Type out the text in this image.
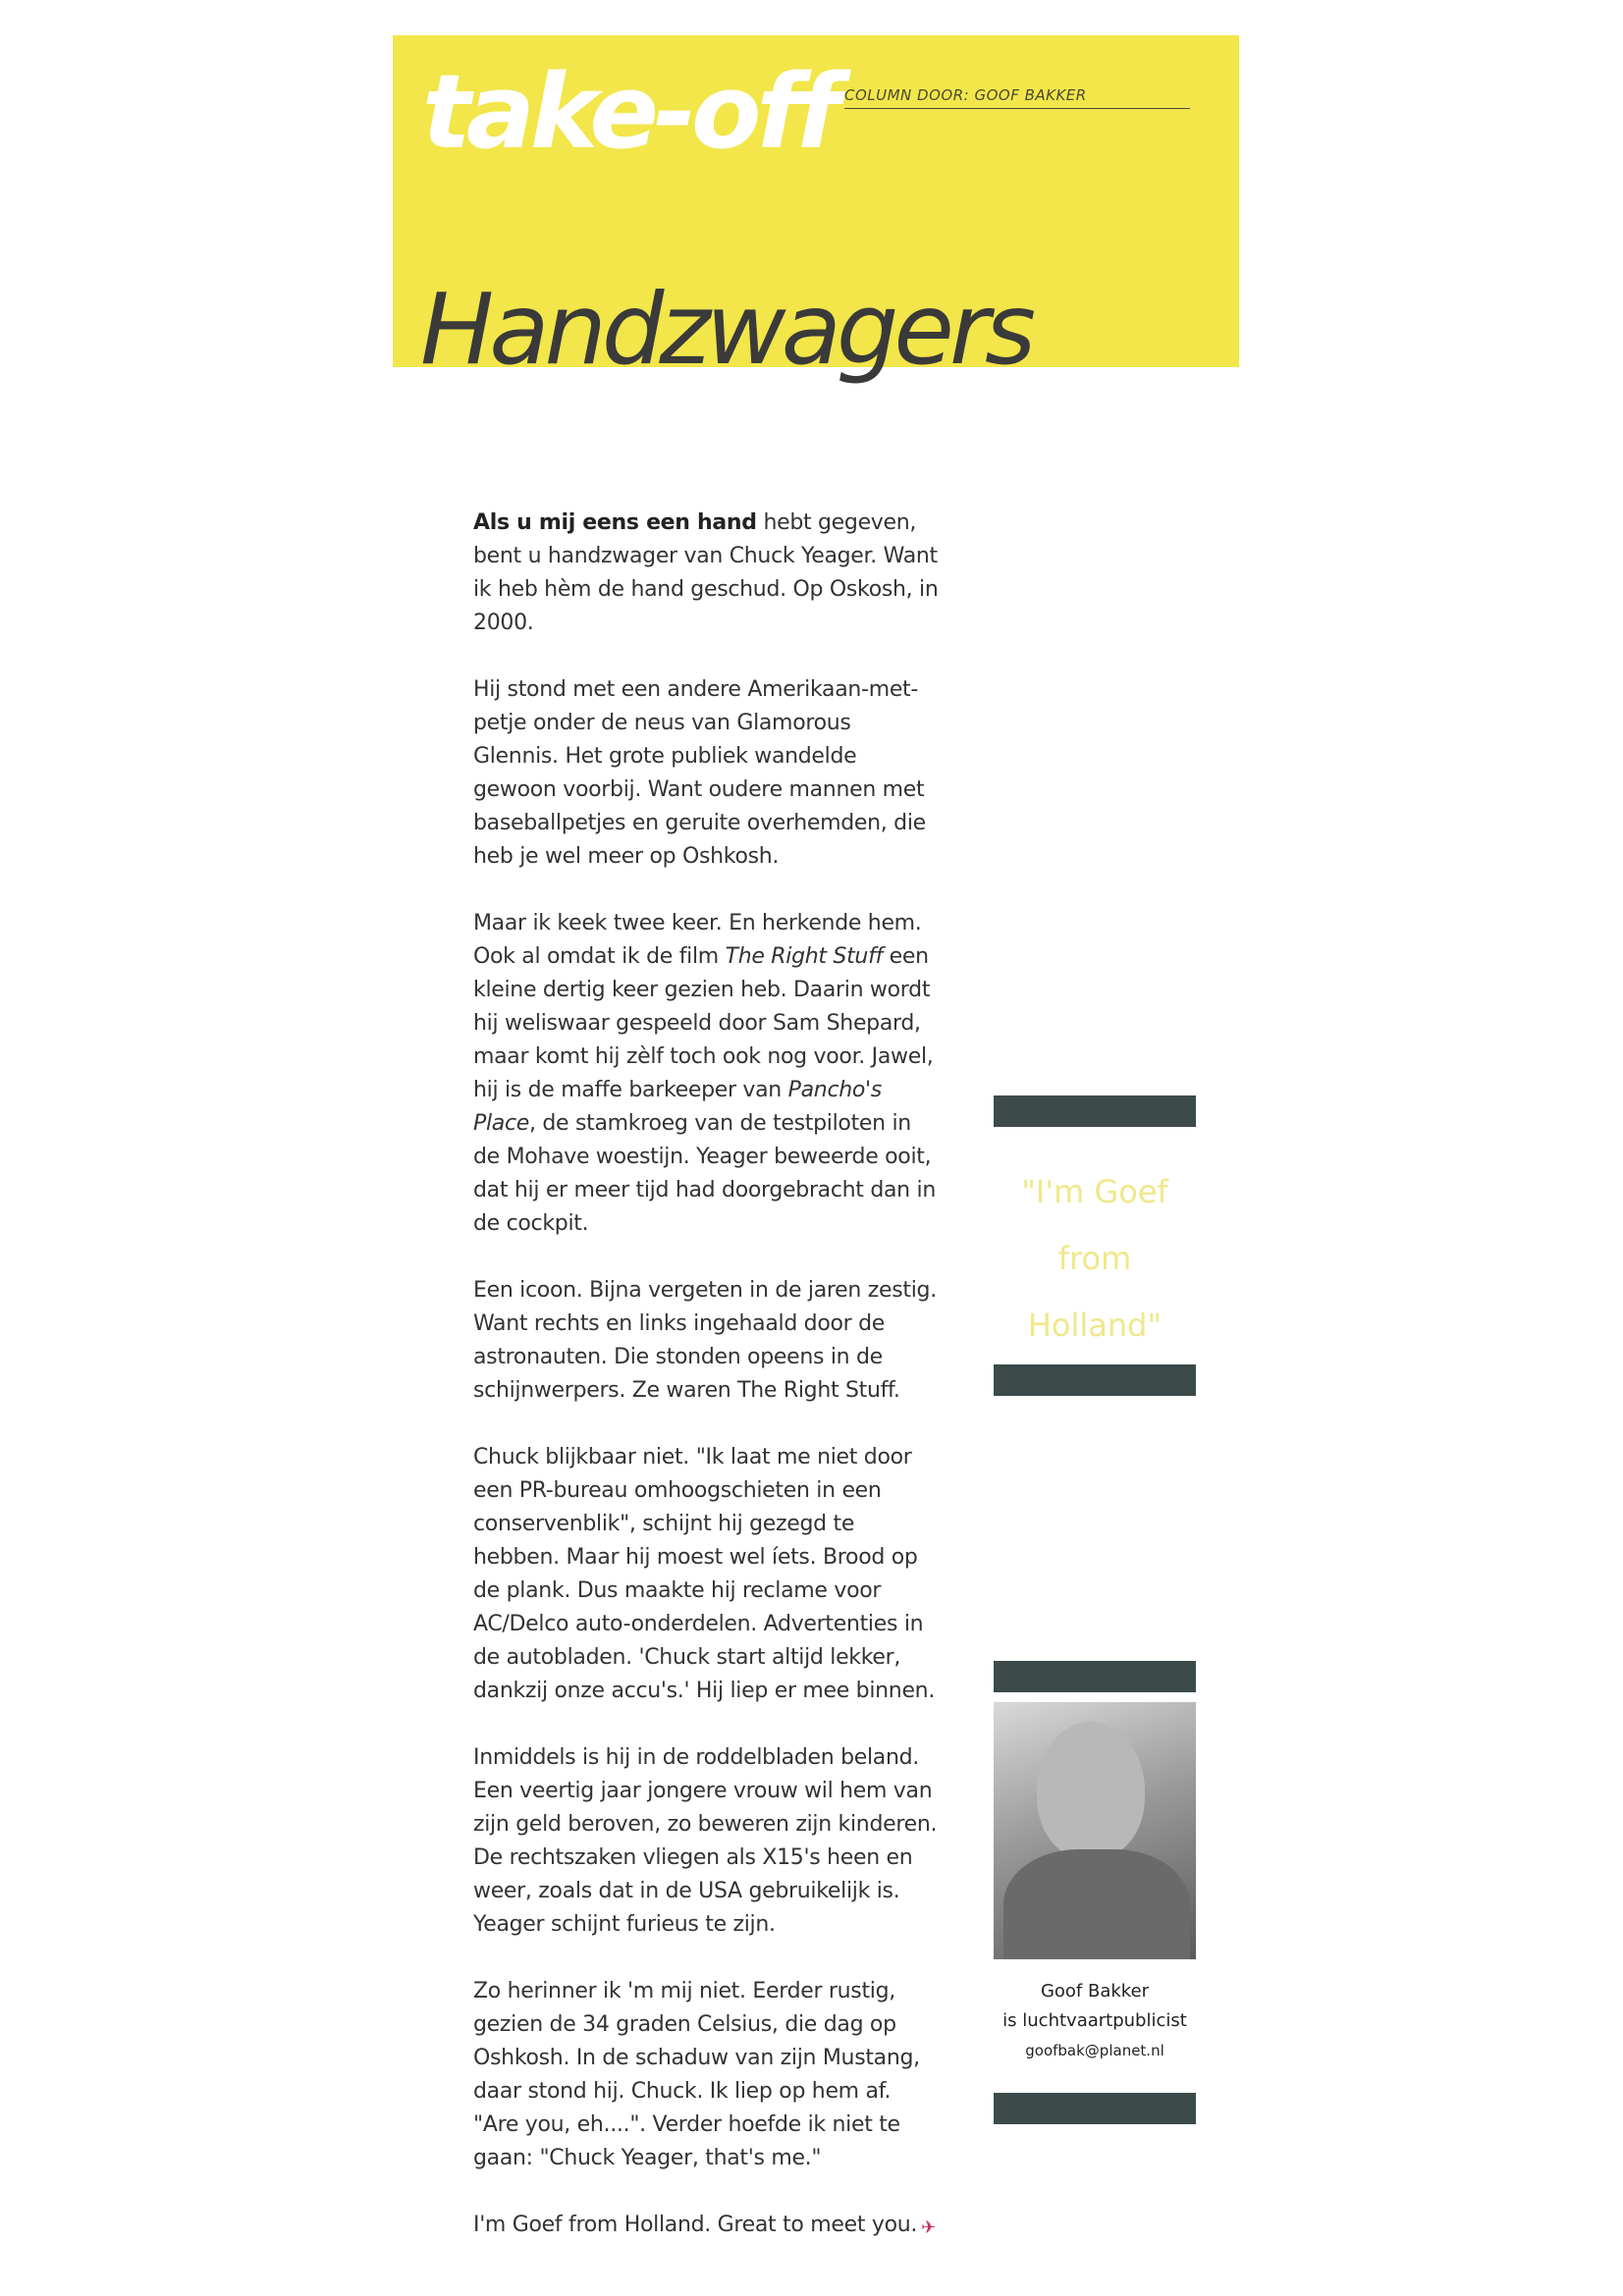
take-off COLUMN DOOR: GOOF BAKKER
Handzwagers

Als u mij eens een hand hebt gegeven, bent u handzwager van Chuck Yeager. Want ik heb hèm de hand geschud. Op Oskosh, in 2000.

Hij stond met een andere Amerikaan-met-petje onder de neus van Glamorous Glennis. Het grote publiek wandelde gewoon voorbij. Want oudere mannen met baseballpetjes en geruite overhemden, die heb je wel meer op Oshkosh.

Maar ik keek twee keer. En herkende hem. Ook al omdat ik de film The Right Stuff een kleine dertig keer gezien heb. Daarin wordt hij weliswaar gespeeld door Sam Shepard, maar komt hij zèlf toch ook nog voor. Jawel, hij is de maffe barkeeper van Pancho's Place, de stamkroeg van de testpiloten in de Mohave woestijn. Yeager beweerde ooit, dat hij er meer tijd had doorgebracht dan in de cockpit.

Een icoon. Bijna vergeten in de jaren zestig. Want rechts en links ingehaald door de astronauten. Die stonden opeens in de schijnwerpers. Ze waren The Right Stuff.

Chuck blijkbaar niet. "Ik laat me niet door een PR-bureau omhoogschieten in een conservenblik", schijnt hij gezegd te hebben. Maar hij moest wel íets. Brood op de plank. Dus maakte hij reclame voor AC/Delco auto-onderdelen. Advertenties in de autobladen. 'Chuck start altijd lekker, dankzij onze accu's.' Hij liep er mee binnen.

Inmiddels is hij in de roddelbladen beland. Een veertig jaar jongere vrouw wil hem van zijn geld beroven, zo beweren zijn kinderen. De rechtszaken vliegen als X15's heen en weer, zoals dat in de USA gebruikelijk is. Yeager schijnt furieus te zijn.

Zo herinner ik 'm mij niet. Eerder rustig, gezien de 34 graden Celsius, die dag op Oshkosh. In de schaduw van zijn Mustang, daar stond hij. Chuck. Ik liep op hem af. "Are you, eh....". Verder hoefde ik niet te gaan: "Chuck Yeager, that's me."

I'm Goef from Holland. Great to meet you. ✈

"I'm Goef
from
Holland"
Goof Bakker
is luchtvaartpublicist
goofbak@planet.nl
